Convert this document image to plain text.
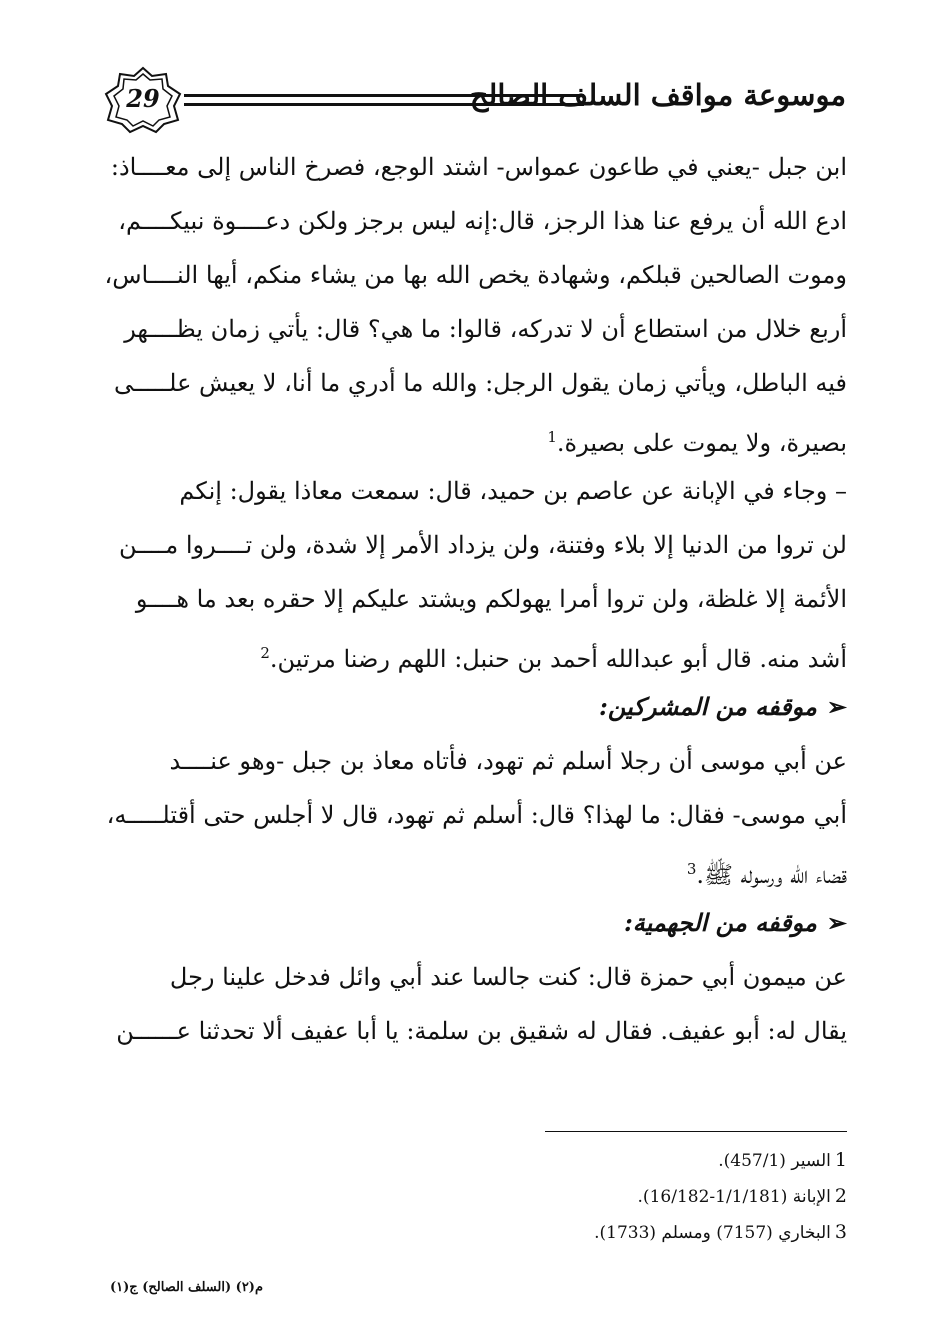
29	موسوعة مواقف السلف الصالح
ابن جبل -يعني في طاعون عمواس- اشتد الوجع، فصرخ الناس إلى معــــاذ:
ادع الله أن يرفع عنا هذا الرجز، قال:إنه ليس برجز ولكن دعــــوة نبيكــــم،
وموت الصالحين قبلكم، وشهادة يخص الله بها من يشاء منكم، أيها النــــاس،
أربع خلال من استطاع أن لا تدركه، قالوا: ما هي؟ قال: يأتي زمان يظــــهر
فيه الباطل، ويأتي زمان يقول الرجل: والله ما أدري ما أنا، لا يعيش علـــــى
بصيرة، ولا يموت على بصيرة.$^1$
– وجاء في الإبانة عن عاصم بن حميد، قال: سمعت معاذا يقول: إنكم
لن تروا من الدنيا إلا بلاء وفتنة، ولن يزداد الأمر إلا شدة، ولن تــــروا مــــن
الأئمة إلا غلظة، ولن تروا أمرا يهولكم ويشتد عليكم إلا حقره بعد ما هــــو
أشد منه. قال أبو عبدالله أحمد بن حنبل: اللهم رضنا مرتين.$^2$
➢موقفه من المشركين:
عن أبي موسى أن رجلا أسلم ثم تهود، فأتاه معاذ بن جبل -وهو عنــــد
أبي موسى- فقال: ما لهذا؟ قال: أسلم ثم تهود، قال لا أجلس حتى أقتلـــــه،
قضاء الله ورسوله ﷺ.$^3$
➢موقفه من الجهمية:
عن ميمون أبي حمزة قال: كنت جالسا عند أبي وائل فدخل علينا رجل
يقال له: أبو عفيف. فقال له شقيق بن سلمة: يا أبا عفيف ألا تحدثنا عــــــن
1السير (457/1).
2الإبانة (1/1/181-16/182).
3البخاري (7157) ومسلم (1733).
م(٢) (السلف الصالح) ج(١)
